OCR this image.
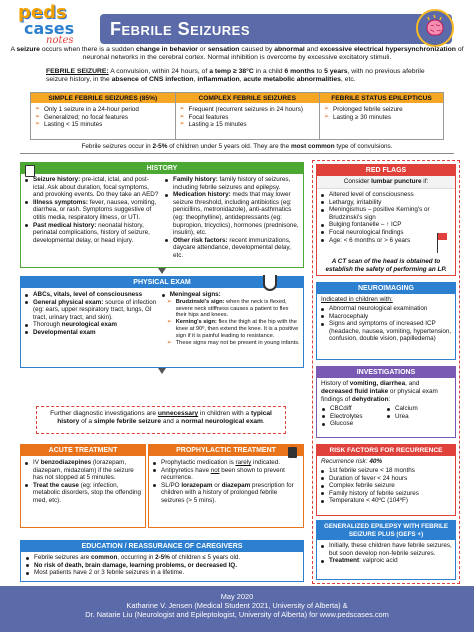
peds
cases
notes
Febrile Seizures
A seizure occurs when there is a sudden change in behavior or sensation caused by abnormal and excessive electrical hypersynchronization of neuronal networks in the cerebral cortex. Normal inhibition is overcome by excessive excitatory stimuli.
FEBRILE SEIZURE: A convulsion, within 24 hours, of a temp ≥ 38°C in a child 6 months to 5 years, with no previous afebrile seizure history, in the absence of CNS infection, inflammation, acute metabolic abnormalities, etc.
SIMPLE FEBRILE SEIZURES (85%)
➢ Only 1 seizure in a 24-hour period
➢ Generalized; no focal features
➢ Lasting < 15 minutes
COMPLEX FEBRILE SEIZURES
➢ Frequent (recurrent seizures in 24 hours)
➢ Focal features
➢ Lasting ≥ 15 minutes
FEBRILE STATUS EPILEPTICUS
➢ Prolonged febrile seizure
➢ Lasting ≥ 30 minutes
Febrile seizures occur in 2-5% of children under 5 years old. They are the most common type of convulsions.
HISTORY
Seizure history: pre-ictal, ictal, and post-ictal. Ask about duration, focal symptoms, and provoking events. Do they take an AED?
Illness symptoms: fever, nausea, vomiting, diarrhea, or rash. Symptoms suggestive of otitis media, respiratory illness, or UTI.
Past medical history: neonatal history, perinatal complications, history of seizure, developmental delay, or head injury.
Family history: family history of seizures, including febrile seizures and epilepsy.
Medication history: meds that may lower seizure threshold, including antibiotics (eg: penicillins, metronidazole), anti-asthmatics (eg: theophylline), antidepressants (eg: bupropion, tricyclics), hormones (prednisone, insulin), etc.
Other risk factors: recent immunizations, daycare attendance, developmental delay, etc.
PHYSICAL EXAM
ABCs, vitals, level of consciousness
General physical exam: source of infection (eg: ears, upper respiratory tract, lungs, GI tract, urinary tract, and skin).
Thorough neurological exam
Developmental exam
Meningeal signs:
➢ Brudzinski's sign: when the neck is flexed, severe neck stiffness causes a patient to flex their hips and knees.
➢ Kerning's sign: flex the thigh at the hip with the knee at 90º, then extend the knee. It is a positive sign if it is painful leading to resistance.
➢ These signs may not be present in young infants.
Further diagnostic investigations are unnecessary in children with a typical history of a simple febrile seizure and a normal neurological exam.
ACUTE TREATMENT
IV benzodiazepines (lorazepam, diazepam, midazolam) if the seizure has not stopped at 5 minutes.
Treat the cause (eg: infection, metabolic disorders, stop the offending med, etc).
PROPHYLACTIC TREATMENT
Prophylactic medication is rarely indicated.
Antipyretics have not been shown to prevent recurrence.
SL/PO lorazepam or diazepam prescription for children with a history of prolonged febrile seizures (> 5 mins).
EDUCATION / REASSURANCE OF CAREGIVERS
Febrile seizures are common, occurring in 2-5% of children ≤ 5 years old.
No risk of death, brain damage, learning problems, or decreased IQ.
Most patients have 2 or 3 febrile seizures in a lifetime.
RED FLAGS
Consider lumbar puncture if:
Altered level of consciousness
Lethargy, irritability
Meningismus – positive Kerning's or Brudzinski's sign
Bulging fontanelle – ↑ ICP
Focal neurological findings
Age: < 6 months or > 6 years
A CT scan of the head is obtained to establish the safety of performing an LP.
NEUROIMAGING
Indicated in children with:
Abnormal neurological examination
Macrocephaly
Signs and symptoms of increased ICP (headache, nausea, vomiting, hypertension, confusion, double vision, papilledema)
INVESTIGATIONS
History of vomiting, diarrhea, and decreased fluid intake or physical exam findings of dehydration:
CBCdiff	Calcium
Electrolytes	Urea
Glucose
RISK FACTORS FOR RECURRENCE
Recurrence risk: 40%
1st febrile seizure < 18 months
Duration of fever < 24 hours
Complex febrile seizure
Family history of febrile seizures
Temperature < 40ºC (104ºF)
GENERALIZED EPILEPSY WITH FEBRILE SEIZURE PLUS (GEFS +)
Initially, these children have febrile seizures, but soon develop non-febrile seizures.
Treatment: valproic acid
May 2020
Katharine V. Jensen (Medical Student 2021, University of Alberta) &
Dr. Natarie Liu (Neurologist and Epileptologist, University of Alberta) for www.pedscases.com
